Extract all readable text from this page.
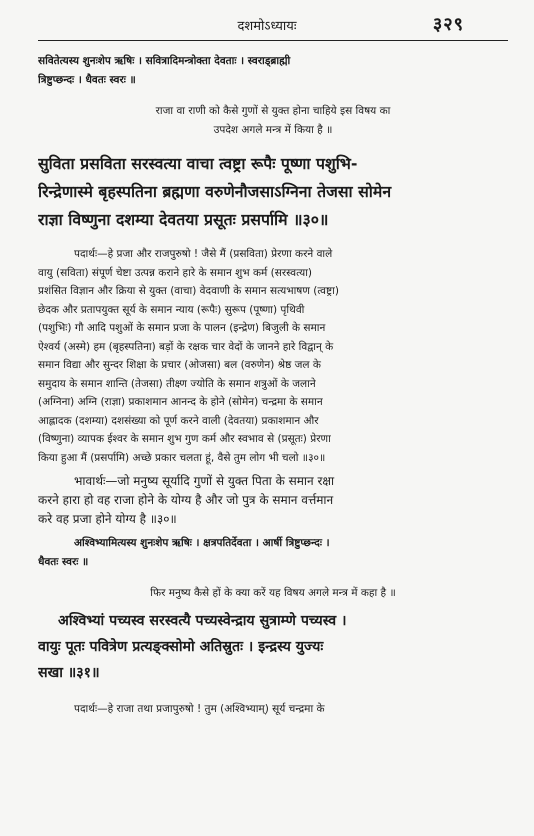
दशमोऽध्यायः	३२९

सवितेत्यस्य शुनःशेप ऋषिः । सवित्रादिमन्त्रोक्ता देवताः । स्वराड्ब्राह्मी

त्रिष्टुप्छन्दः । धैवतः स्वरः ॥

राजा वा राणी को कैसे गुणों से युक्त होना चाहिये इस विषय का

उपदेश अगले मन्त्र में किया है ॥

सुविता प्रसविता सरस्वत्या वाचा त्वष्ट्रा रूपैः पूष्णा पशुभि-

रिन्द्रेणास्मे बृहस्पतिना ब्रह्मणा वरुणेनौजसाऽग्निना तेजसा सोमेन

राज्ञा विष्णुना दशम्या देवतया प्रसूतः प्रसर्पामि ॥३०॥

पदार्थः—हे प्रजा और राजपुरुषो ! जैसे मैं (प्रसविता) प्रेरणा करने वाले

वायु (सविता) संपूर्ण चेष्टा उत्पन्न कराने हारे के समान शुभ कर्म (सरस्वत्या)

प्रशंसित विज्ञान और क्रिया से युक्त (वाचा) वेदवाणी के समान सत्यभाषण (त्वष्ट्रा)

छेदक और प्रतापयुक्त सूर्य के समान न्याय (रूपैः) सुरूप (पूष्णा) पृथिवी

(पशुभिः) गौ आदि पशुओं के समान प्रजा के पालन (इन्द्रेण) बिजुली के समान

ऐश्वर्य (अस्मे) हम (बृहस्पतिना) बड़ों के रक्षक चार वेदों के जानने हारे विद्वान् के

समान विद्या और सुन्दर शिक्षा के प्रचार (ओजसा) बल (वरुणेन) श्रेष्ठ जल के

समुदाय के समान शान्ति (तेजसा) तीक्ष्ण ज्योति के समान शत्रुओं के जलाने

(अग्निना) अग्नि (राज्ञा) प्रकाशमान आनन्द के होने (सोमेन) चन्द्रमा के समान

आह्लादक (दशम्या) दशसंख्या को पूर्ण करने वाली (देवतया) प्रकाशमान और

(विष्णुना) व्यापक ईश्वर के समान शुभ गुण कर्म और स्वभाव से (प्रसूतः) प्रेरणा

किया हुआ मैं (प्रसर्पामि) अच्छे प्रकार चलता हूं, वैसे तुम लोग भी चलो ॥३०॥

भावार्थः—जो मनुष्य सूर्यादि गुणों से युक्त पिता के समान रक्षा

करने हारा हो वह राजा होने के योग्य है और जो पुत्र के समान वर्त्तमान

करे वह प्रजा होने योग्य है ॥३०॥

अश्विभ्यामित्यस्य शुनःशेप ऋषिः । क्षत्रपतिर्देवता । आर्षी त्रिष्टुप्छन्दः ।

धैवतः स्वरः ॥

फिर मनुष्य कैसे हों के क्या करें यह विषय अगले मन्त्र में कहा है ॥

अश्विभ्यां पच्यस्व सरस्वत्यै पच्यस्वेन्द्राय सुत्राम्णे पच्यस्व ।

वायुः पूतः पवित्रेण प्रत्यङ्क्सोमो अतिस्रुतः । इन्द्रस्य युज्यः

सखा ॥३१॥

पदार्थः—हे राजा तथा प्रजापुरुषो ! तुम (अश्विभ्याम्) सूर्य चन्द्रमा के
